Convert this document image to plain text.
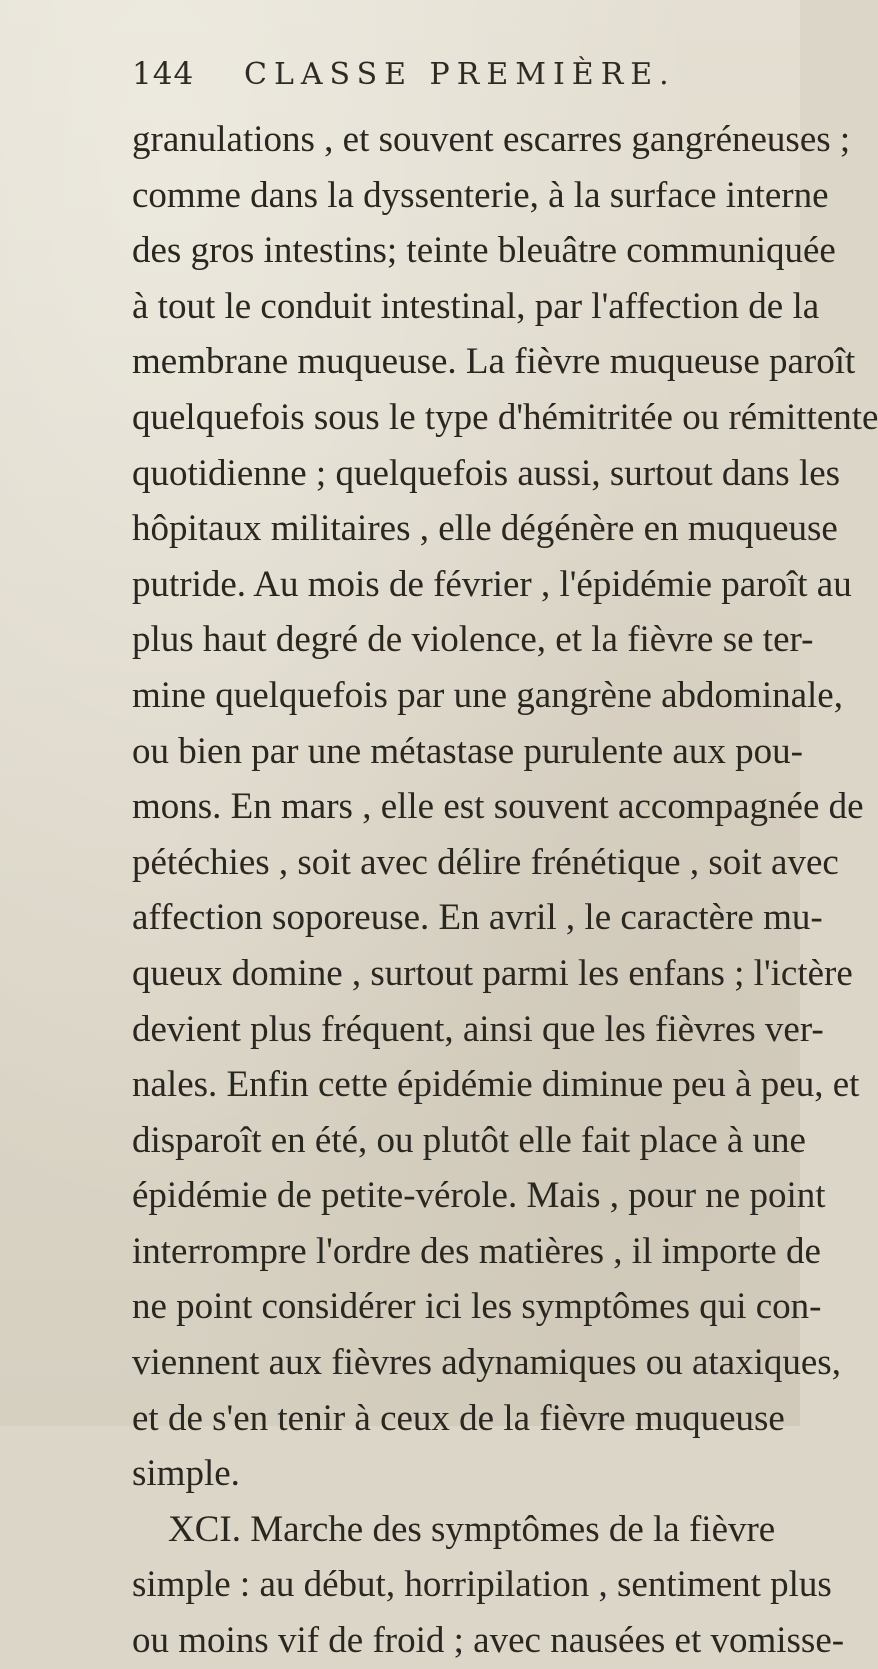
144	CLASSE PREMIÈRE.
granulations , et souvent escarres gangréneuses ;
comme dans la dyssenterie, à la surface interne
des gros intestins; teinte bleuâtre communiquée
à tout le conduit intestinal, par l'affection de la
membrane muqueuse. La fièvre muqueuse paroît
quelquefois sous le type d'hémitritée ou rémittente
quotidienne ; quelquefois aussi, surtout dans les
hôpitaux militaires , elle dégénère en muqueuse
putride. Au mois de février , l'épidémie paroît au
plus haut degré de violence, et la fièvre se ter-
mine quelquefois par une gangrène abdominale,
ou bien par une métastase purulente aux pou-
mons. En mars , elle est souvent accompagnée de
pétéchies , soit avec délire frénétique , soit avec
affection soporeuse. En avril , le caractère mu-
queux domine , surtout parmi les enfans ; l'ictère
devient plus fréquent, ainsi que les fièvres ver-
nales. Enfin cette épidémie diminue peu à peu, et
disparoît en été, ou plutôt elle fait place à une
épidémie de petite-vérole. Mais , pour ne point
interrompre l'ordre des matières , il importe de
ne point considérer ici les symptômes qui con-
viennent aux fièvres adynamiques ou ataxiques,
et de s'en tenir à ceux de la fièvre muqueuse
simple.
XCI. Marche des symptômes de la fièvre
simple : au début, horripilation , sentiment plus
ou moins vif de froid ; avec nausées et vomisse-
